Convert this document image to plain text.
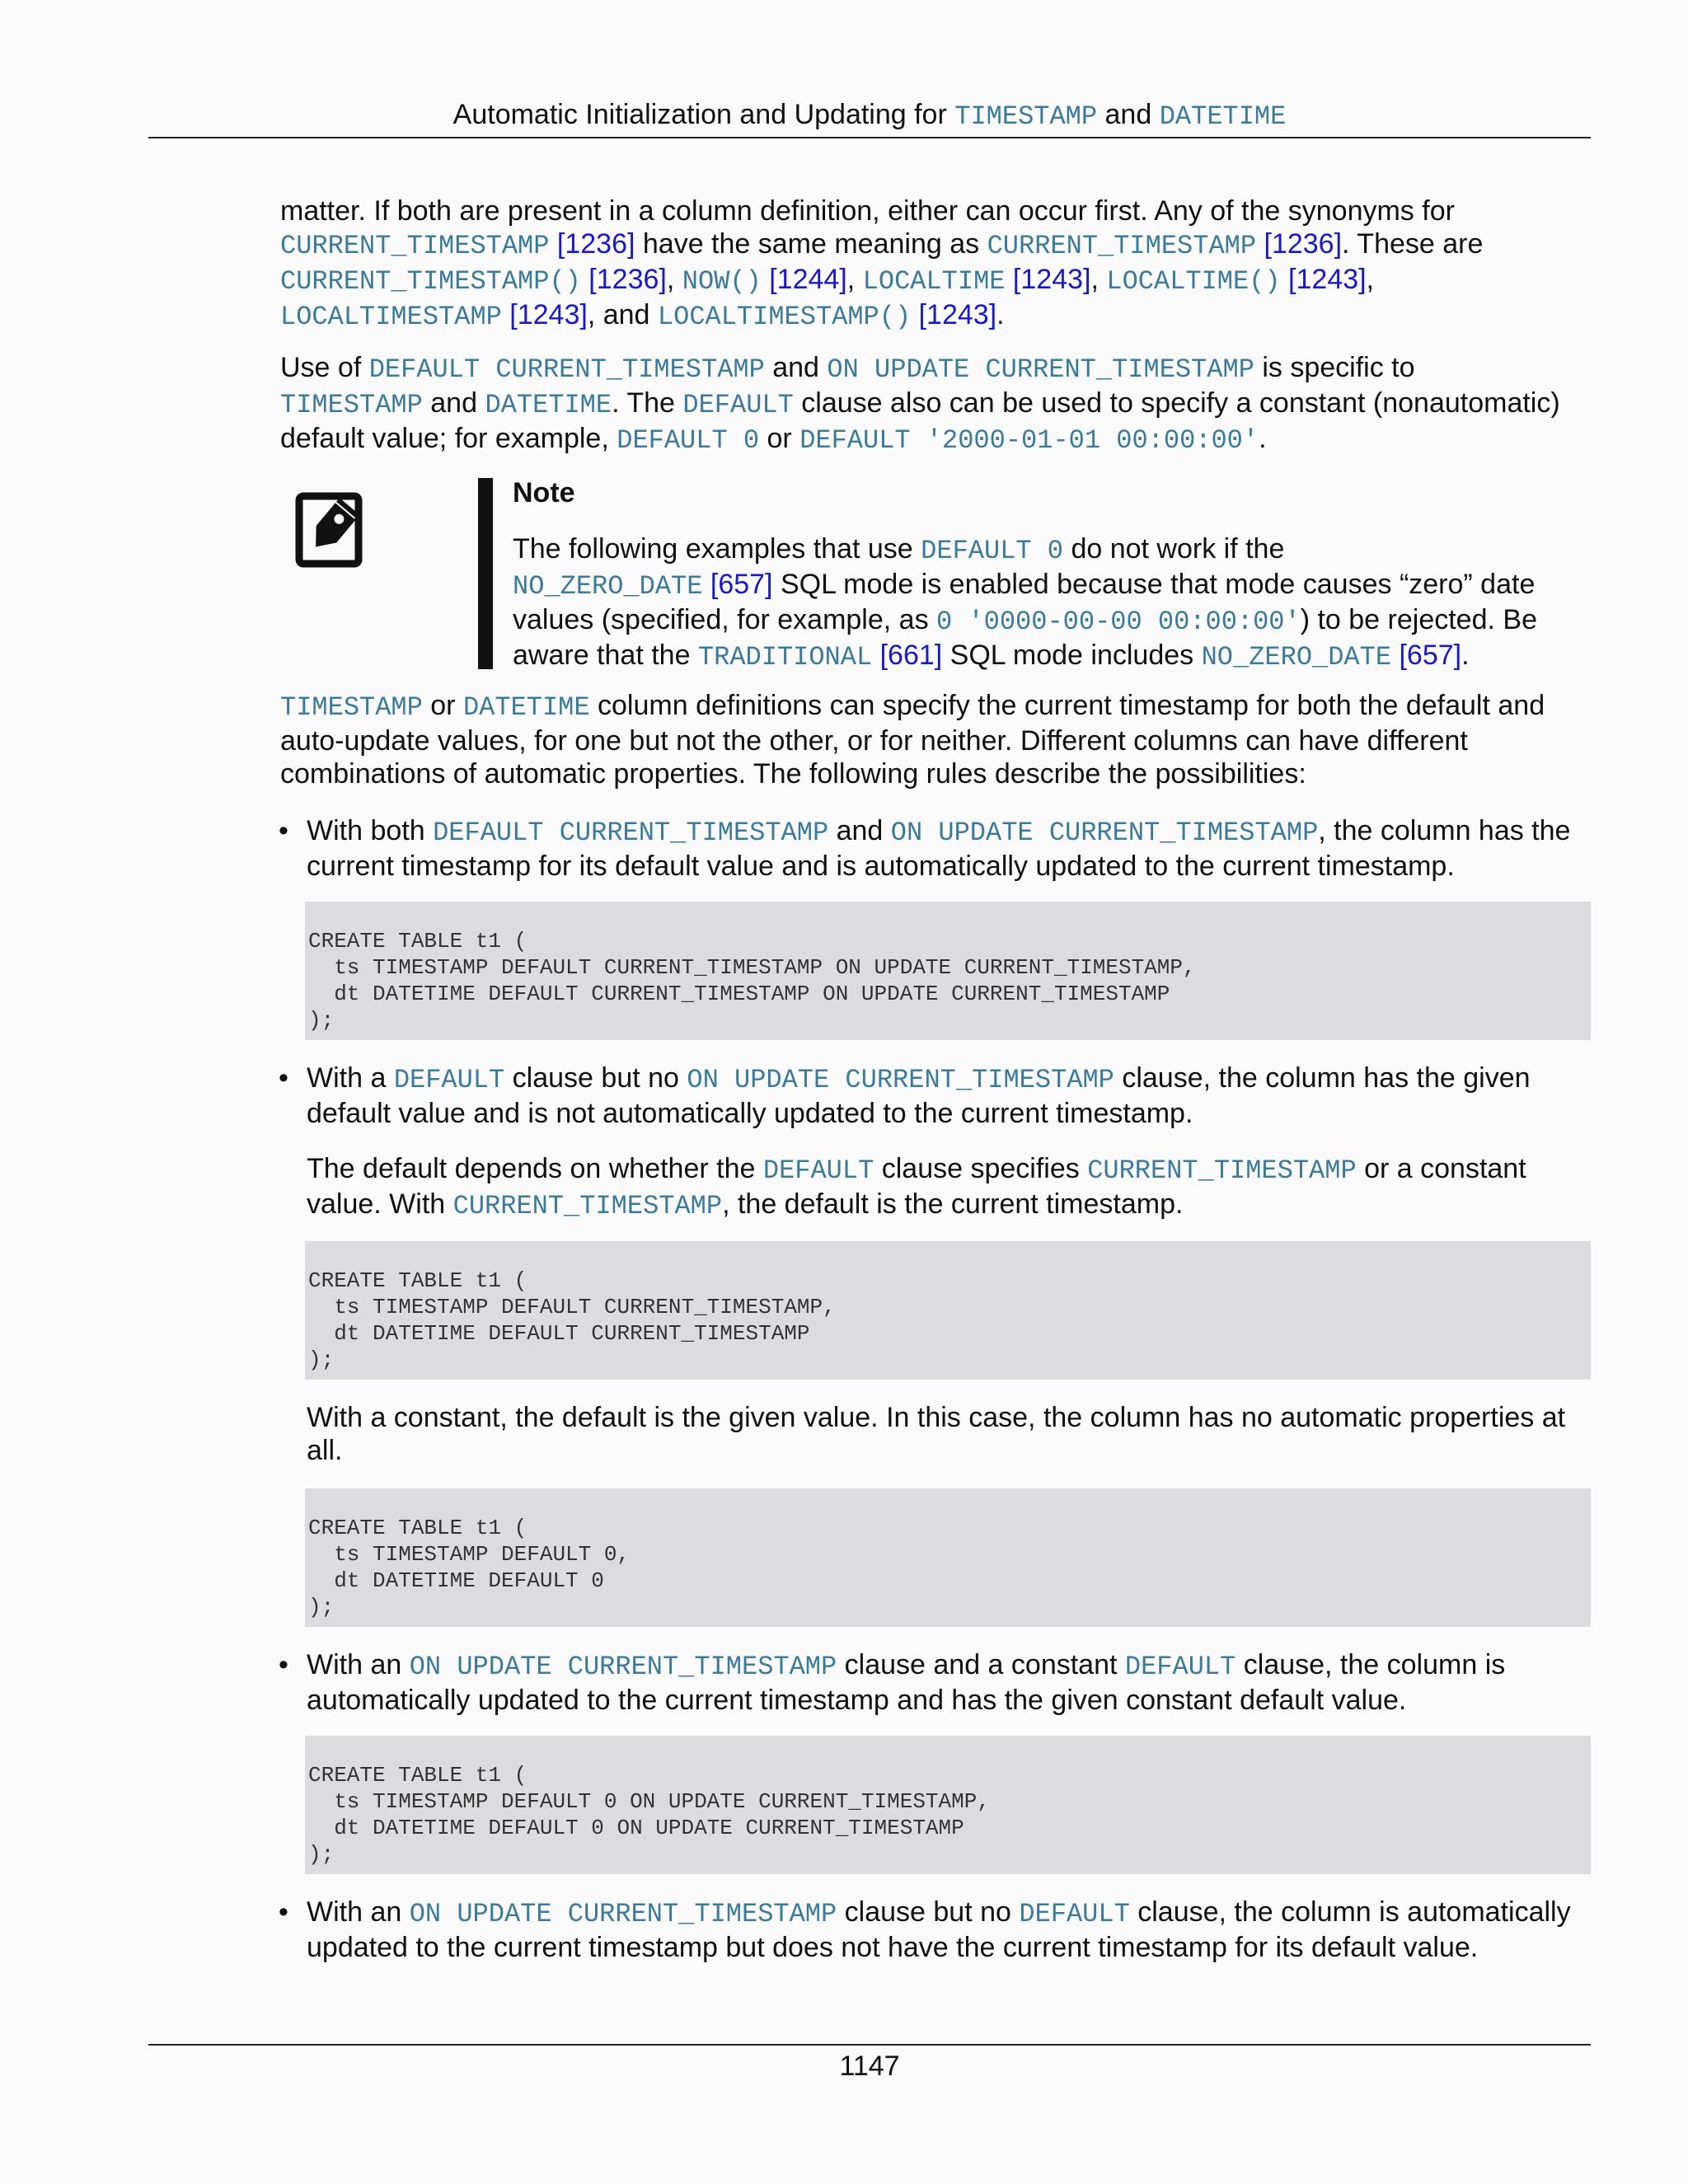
Automatic Initialization and Updating for TIMESTAMP and DATETIME

matter. If both are present in a column definition, either can occur first. Any of the synonyms for
CURRENT_TIMESTAMP [1236] have the same meaning as CURRENT_TIMESTAMP [1236]. These are CURRENT_TIMESTAMP() [1236], NOW() [1244], LOCALTIME [1243], LOCALTIME() [1243],
LOCALTIMESTAMP [1243], and LOCALTIMESTAMP() [1243].

Use of DEFAULT CURRENT_TIMESTAMP and ON UPDATE CURRENT_TIMESTAMP is specific to
TIMESTAMP and DATETIME. The DEFAULT clause also can be used to specify a constant (nonautomatic) default value; for example, DEFAULT 0 or DEFAULT '2000-01-01 00:00:00'.

Note

The following examples that use DEFAULT 0 do not work if the
NO_ZERO_DATE [657] SQL mode is enabled because that mode causes “zero” date values (specified, for example, as 0 '0000-00-00 00:00:00') to be rejected. Be aware that the TRADITIONAL [661] SQL mode includes NO_ZERO_DATE [657].

TIMESTAMP or DATETIME column definitions can specify the current timestamp for both the default and auto-update values, for one but not the other, or for neither. Different columns can have different combinations of automatic properties. The following rules describe the possibilities:

• With both DEFAULT CURRENT_TIMESTAMP and ON UPDATE CURRENT_TIMESTAMP, the column has the current timestamp for its default value and is automatically updated to the current timestamp.

CREATE TABLE t1 (
ts TIMESTAMP DEFAULT CURRENT_TIMESTAMP ON UPDATE CURRENT_TIMESTAMP,
dt DATETIME DEFAULT CURRENT_TIMESTAMP ON UPDATE CURRENT_TIMESTAMP
);
• With a DEFAULT clause but no ON UPDATE CURRENT_TIMESTAMP clause, the column has the given default value and is not automatically updated to the current timestamp.

The default depends on whether the DEFAULT clause specifies CURRENT_TIMESTAMP or a constant value. With CURRENT_TIMESTAMP, the default is the current timestamp.

CREATE TABLE t1 (
ts TIMESTAMP DEFAULT CURRENT_TIMESTAMP,
dt DATETIME DEFAULT CURRENT_TIMESTAMP
);

With a constant, the default is the given value. In this case, the column has no automatic properties at all.

CREATE TABLE t1 (
ts TIMESTAMP DEFAULT 0,
dt DATETIME DEFAULT 0
);
• With an ON UPDATE CURRENT_TIMESTAMP clause and a constant DEFAULT clause, the column is automatically updated to the current timestamp and has the given constant default value.

CREATE TABLE t1 (
ts TIMESTAMP DEFAULT 0 ON UPDATE CURRENT_TIMESTAMP,
dt DATETIME DEFAULT 0 ON UPDATE CURRENT_TIMESTAMP
);
• With an ON UPDATE CURRENT_TIMESTAMP clause but no DEFAULT clause, the column is automatically updated to the current timestamp but does not have the current timestamp for its default value.

1147
